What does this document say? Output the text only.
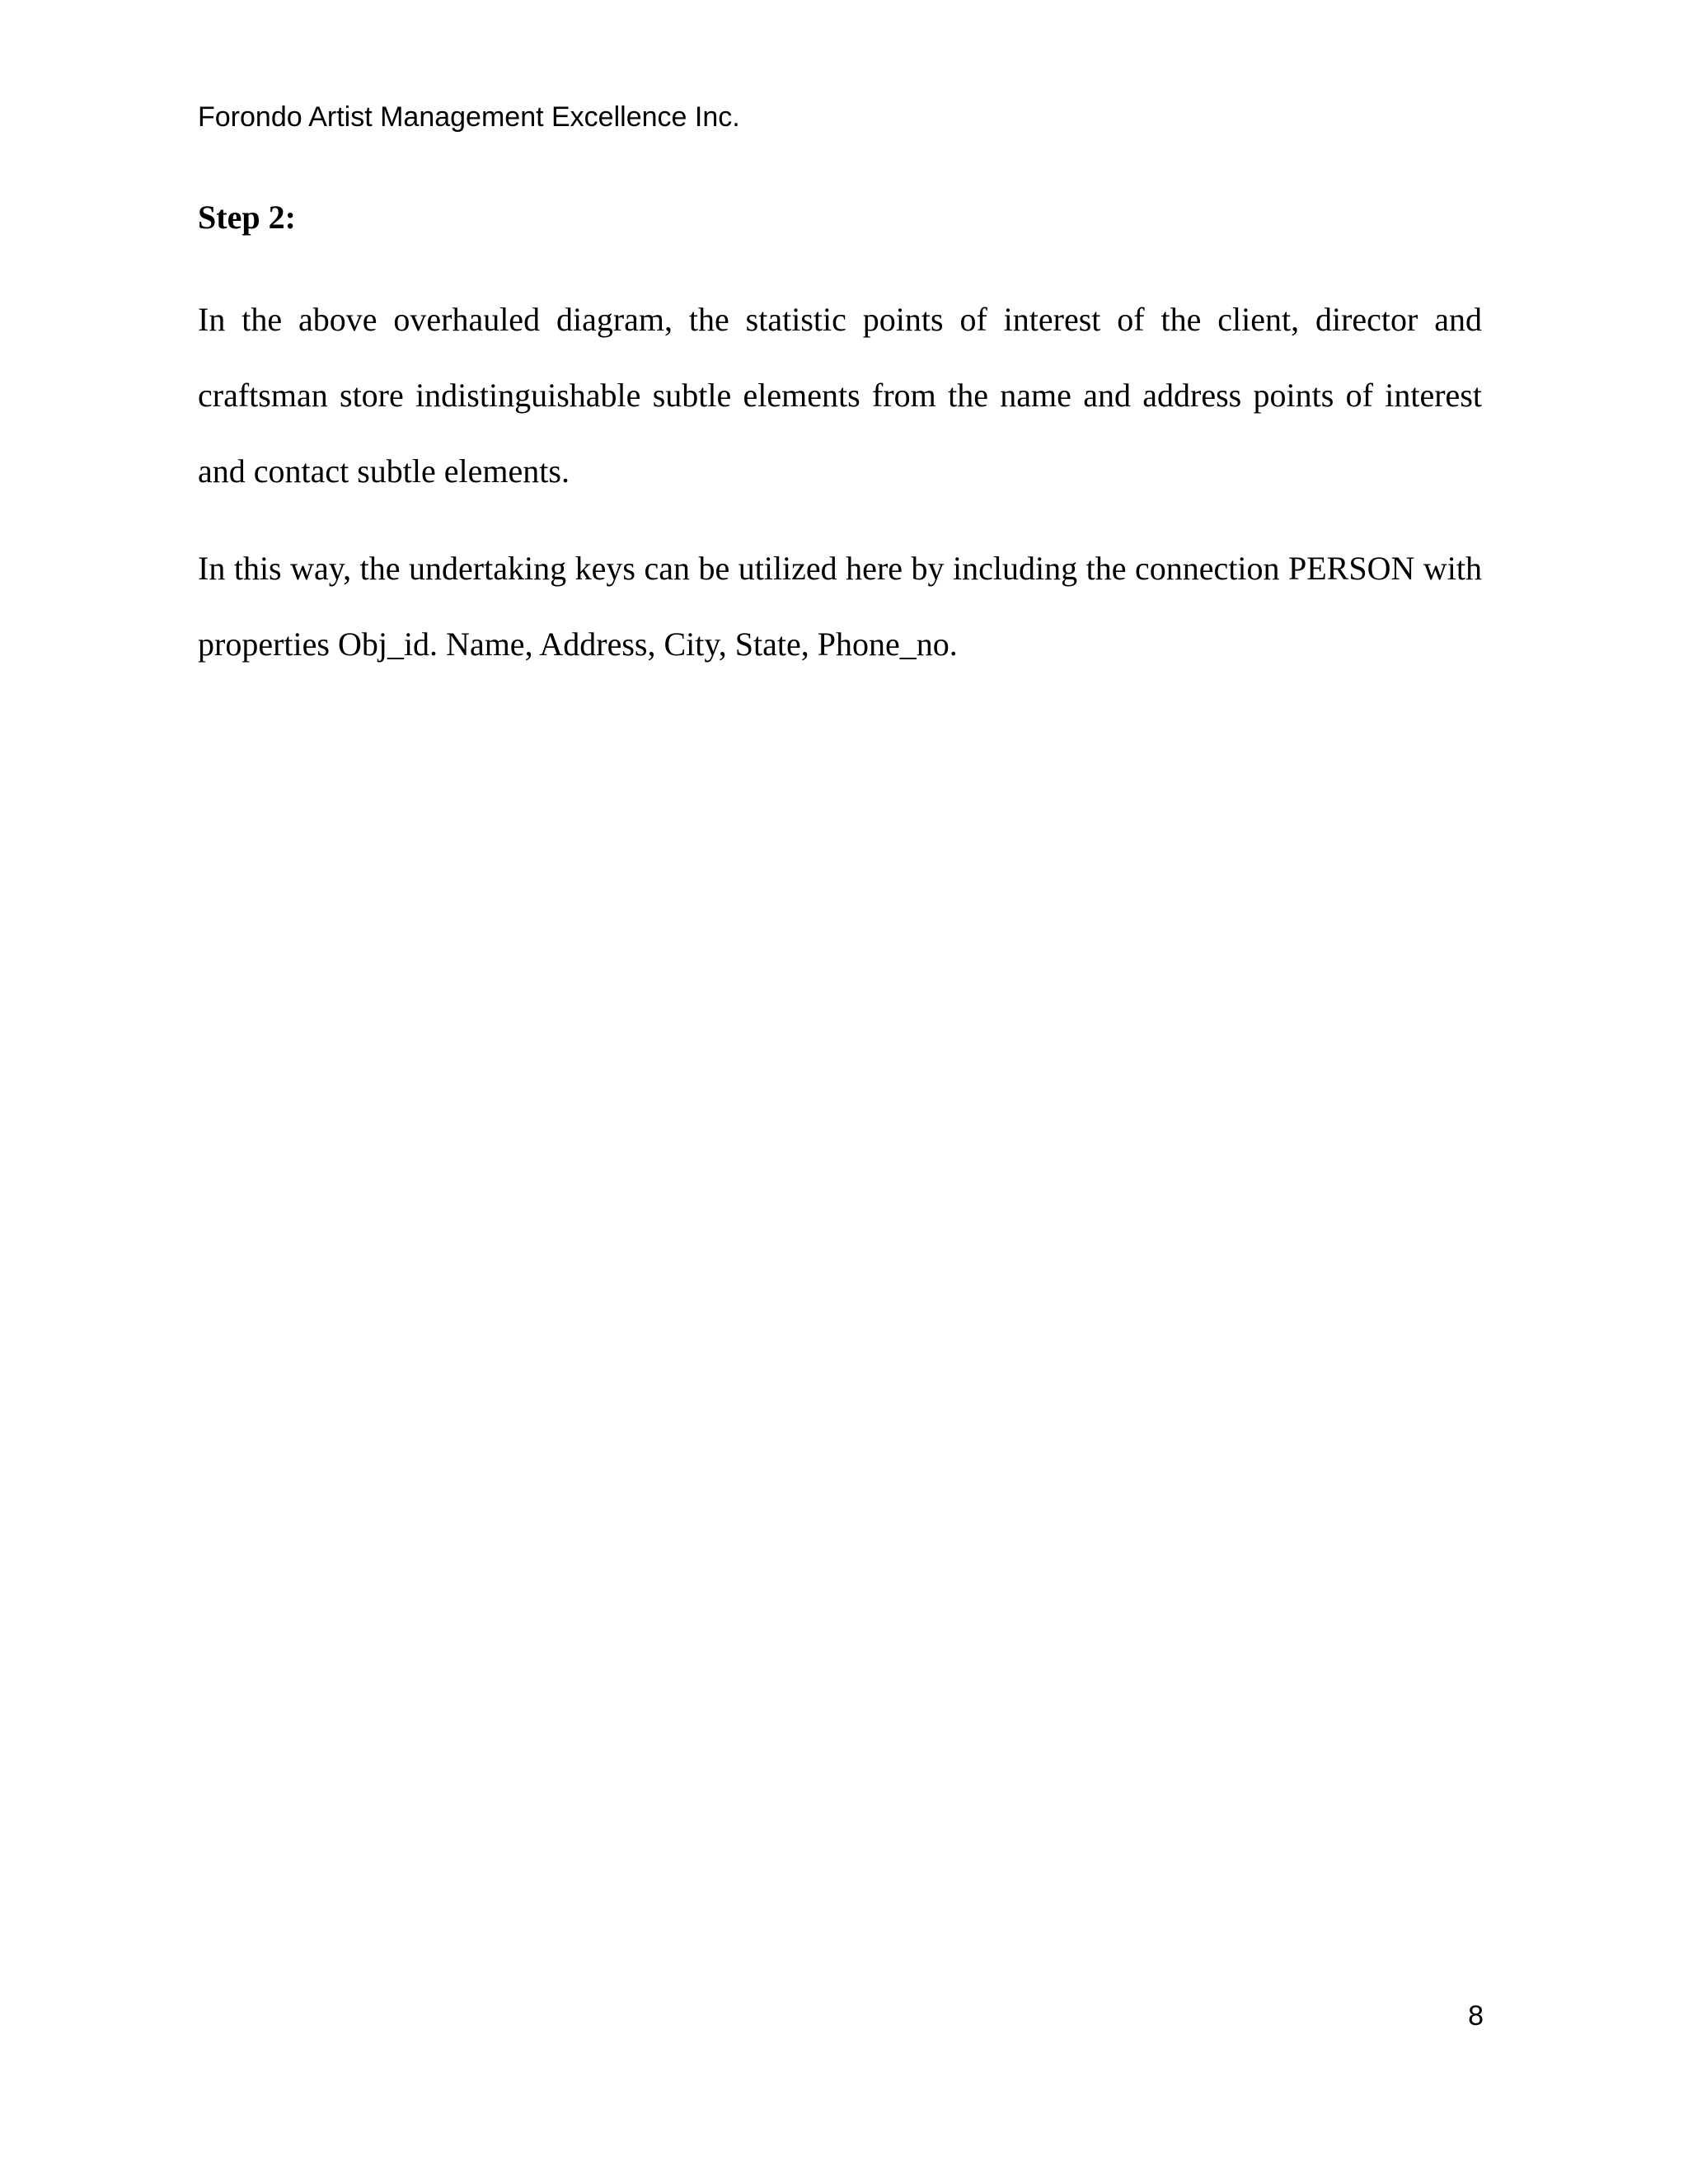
Forondo Artist Management Excellence Inc.
Step 2:

In the above overhauled diagram, the statistic points of interest of the client, director and craftsman store indistinguishable subtle elements from the name and address points of interest and contact subtle elements.

In this way, the undertaking keys can be utilized here by including the connection PERSON with properties Obj_id. Name, Address, City, State, Phone_no.

8
